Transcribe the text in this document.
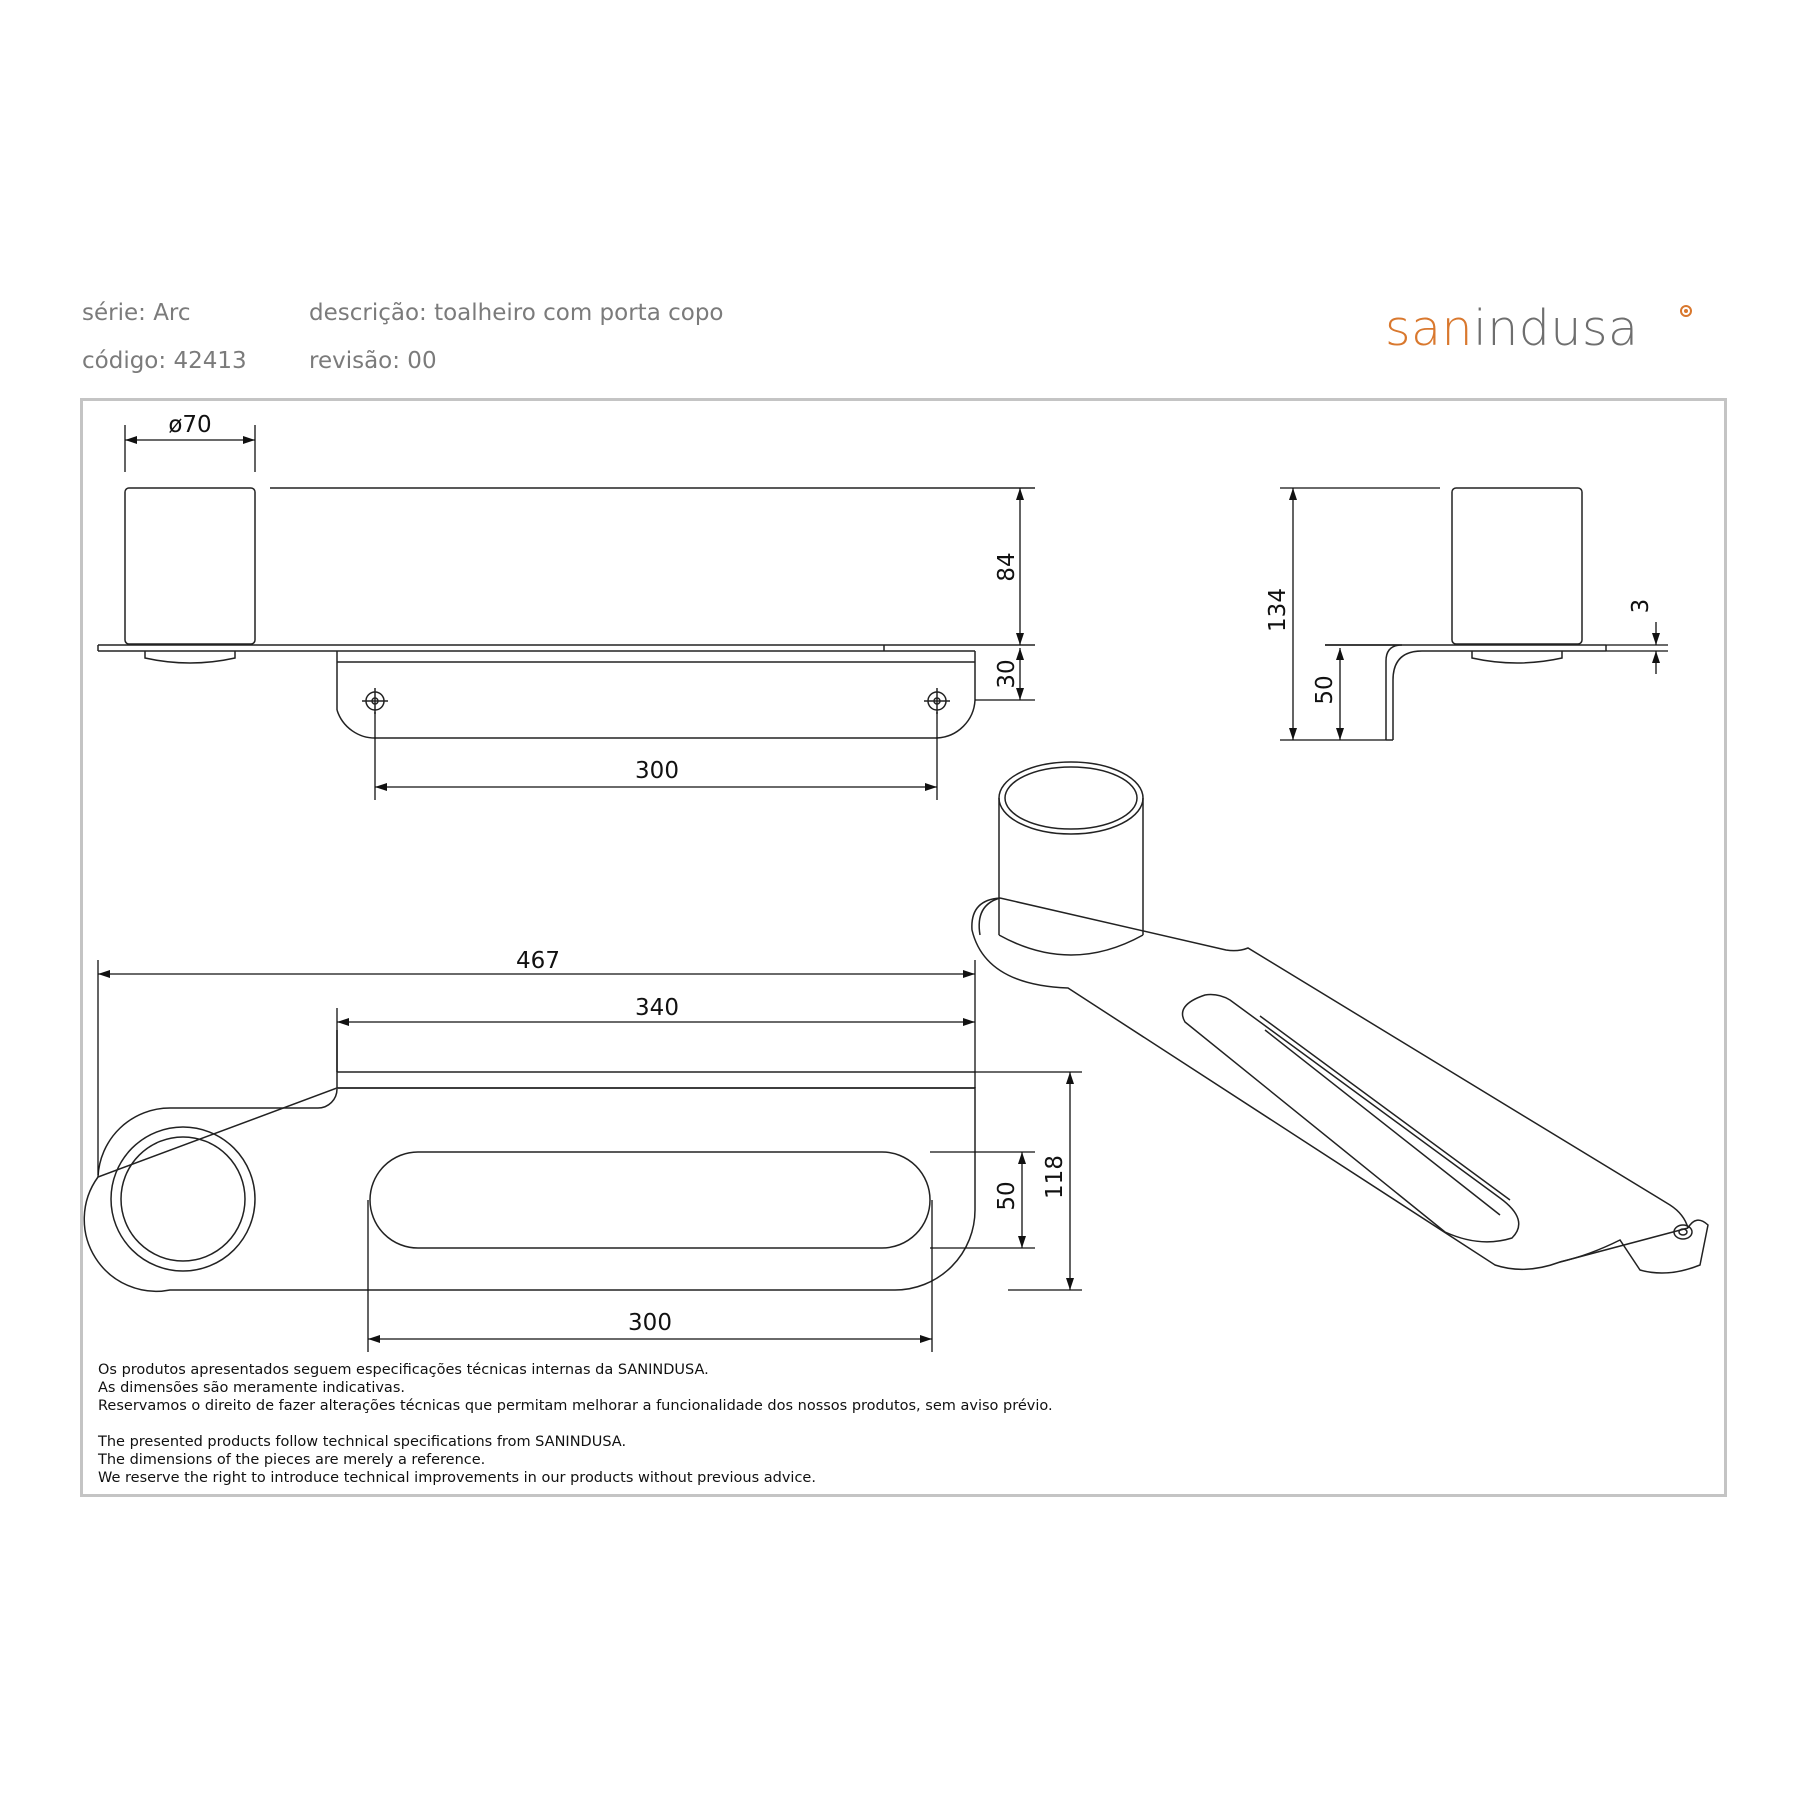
série: Arc	descrição: toalheiro com porta copo
código: 42413	revisão: 00
sanindusa
ø70
84
30
300
134
50
3
467
340
118
50
300
Os produtos apresentados seguem especificações técnicas internas da SANINDUSA.
As dimensões são meramente indicativas.
Reservamos o direito de fazer alterações técnicas que permitam melhorar a funcionalidade dos nossos produtos, sem aviso prévio.
The presented products follow technical specifications from SANINDUSA.
The dimensions of the pieces are merely a reference.
We reserve the right to introduce technical improvements in our products without previous advice.
